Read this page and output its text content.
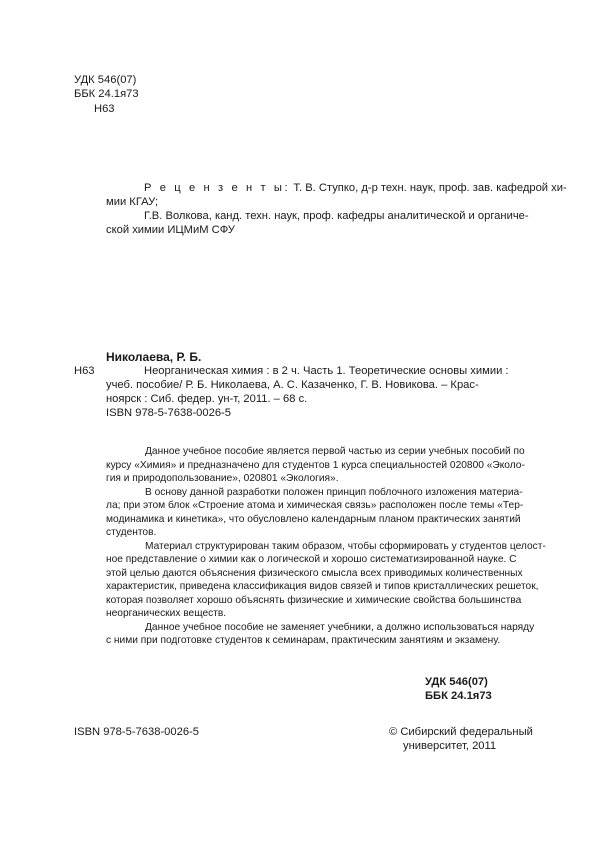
УДК 546(07)
ББК 24.1я73
Н63
Р е ц е н з е н т ы: Т. В. Ступко, д-р техн. наук, проф. зав. кафедрой хи-
мии КГАУ;
Г.В. Волкова, канд. техн. наук, проф. кафедры аналитической и органиче-
ской химии ИЦМиМ СФУ
Николаева, Р. Б.
Н63	Неорганическая химия : в 2 ч. Часть 1. Теоретические основы химии :
учеб. пособие/ Р. Б. Николаева, А. С. Казаченко, Г. В. Новикова. – Крас-
ноярск : Сиб. федер. ун-т, 2011. – 68 с.
ISBN 978-5-7638-0026-5

Данное учебное пособие является первой частью из серии учебных пособий по

курсу «Химия» и предназначено для студентов 1 курса специальностей 020800 «Эколо-

гия и природопользование», 020801 «Экология».

В основу данной разработки положен принцип поблочного изложения материа-

ла; при этом блок «Строение атома и химическая связь» расположен после темы «Тер-

модинамика и кинетика», что обусловлено календарным планом практических занятий

студентов.

Материал структурирован таким образом, чтобы сформировать у студентов целост-

ное представление о химии как о логической и хорошо систематизированной науке. С

этой целью даются объяснения физического смысла всех приводимых количественных

характеристик, приведена классификация видов связей и типов кристаллических решеток,

которая позволяет хорошо объяснять физические и химические свойства большинства

неорганических веществ.

Данное учебное пособие не заменяет учебники, а должно использоваться наряду

с ними при подготовке студентов к семинарам, практическим занятиям и экзамену.

УДК 546(07)
ББК 24.1я73
ISBN 978-5-7638-0026-5	© Сибирский федеральный
университет, 2011
